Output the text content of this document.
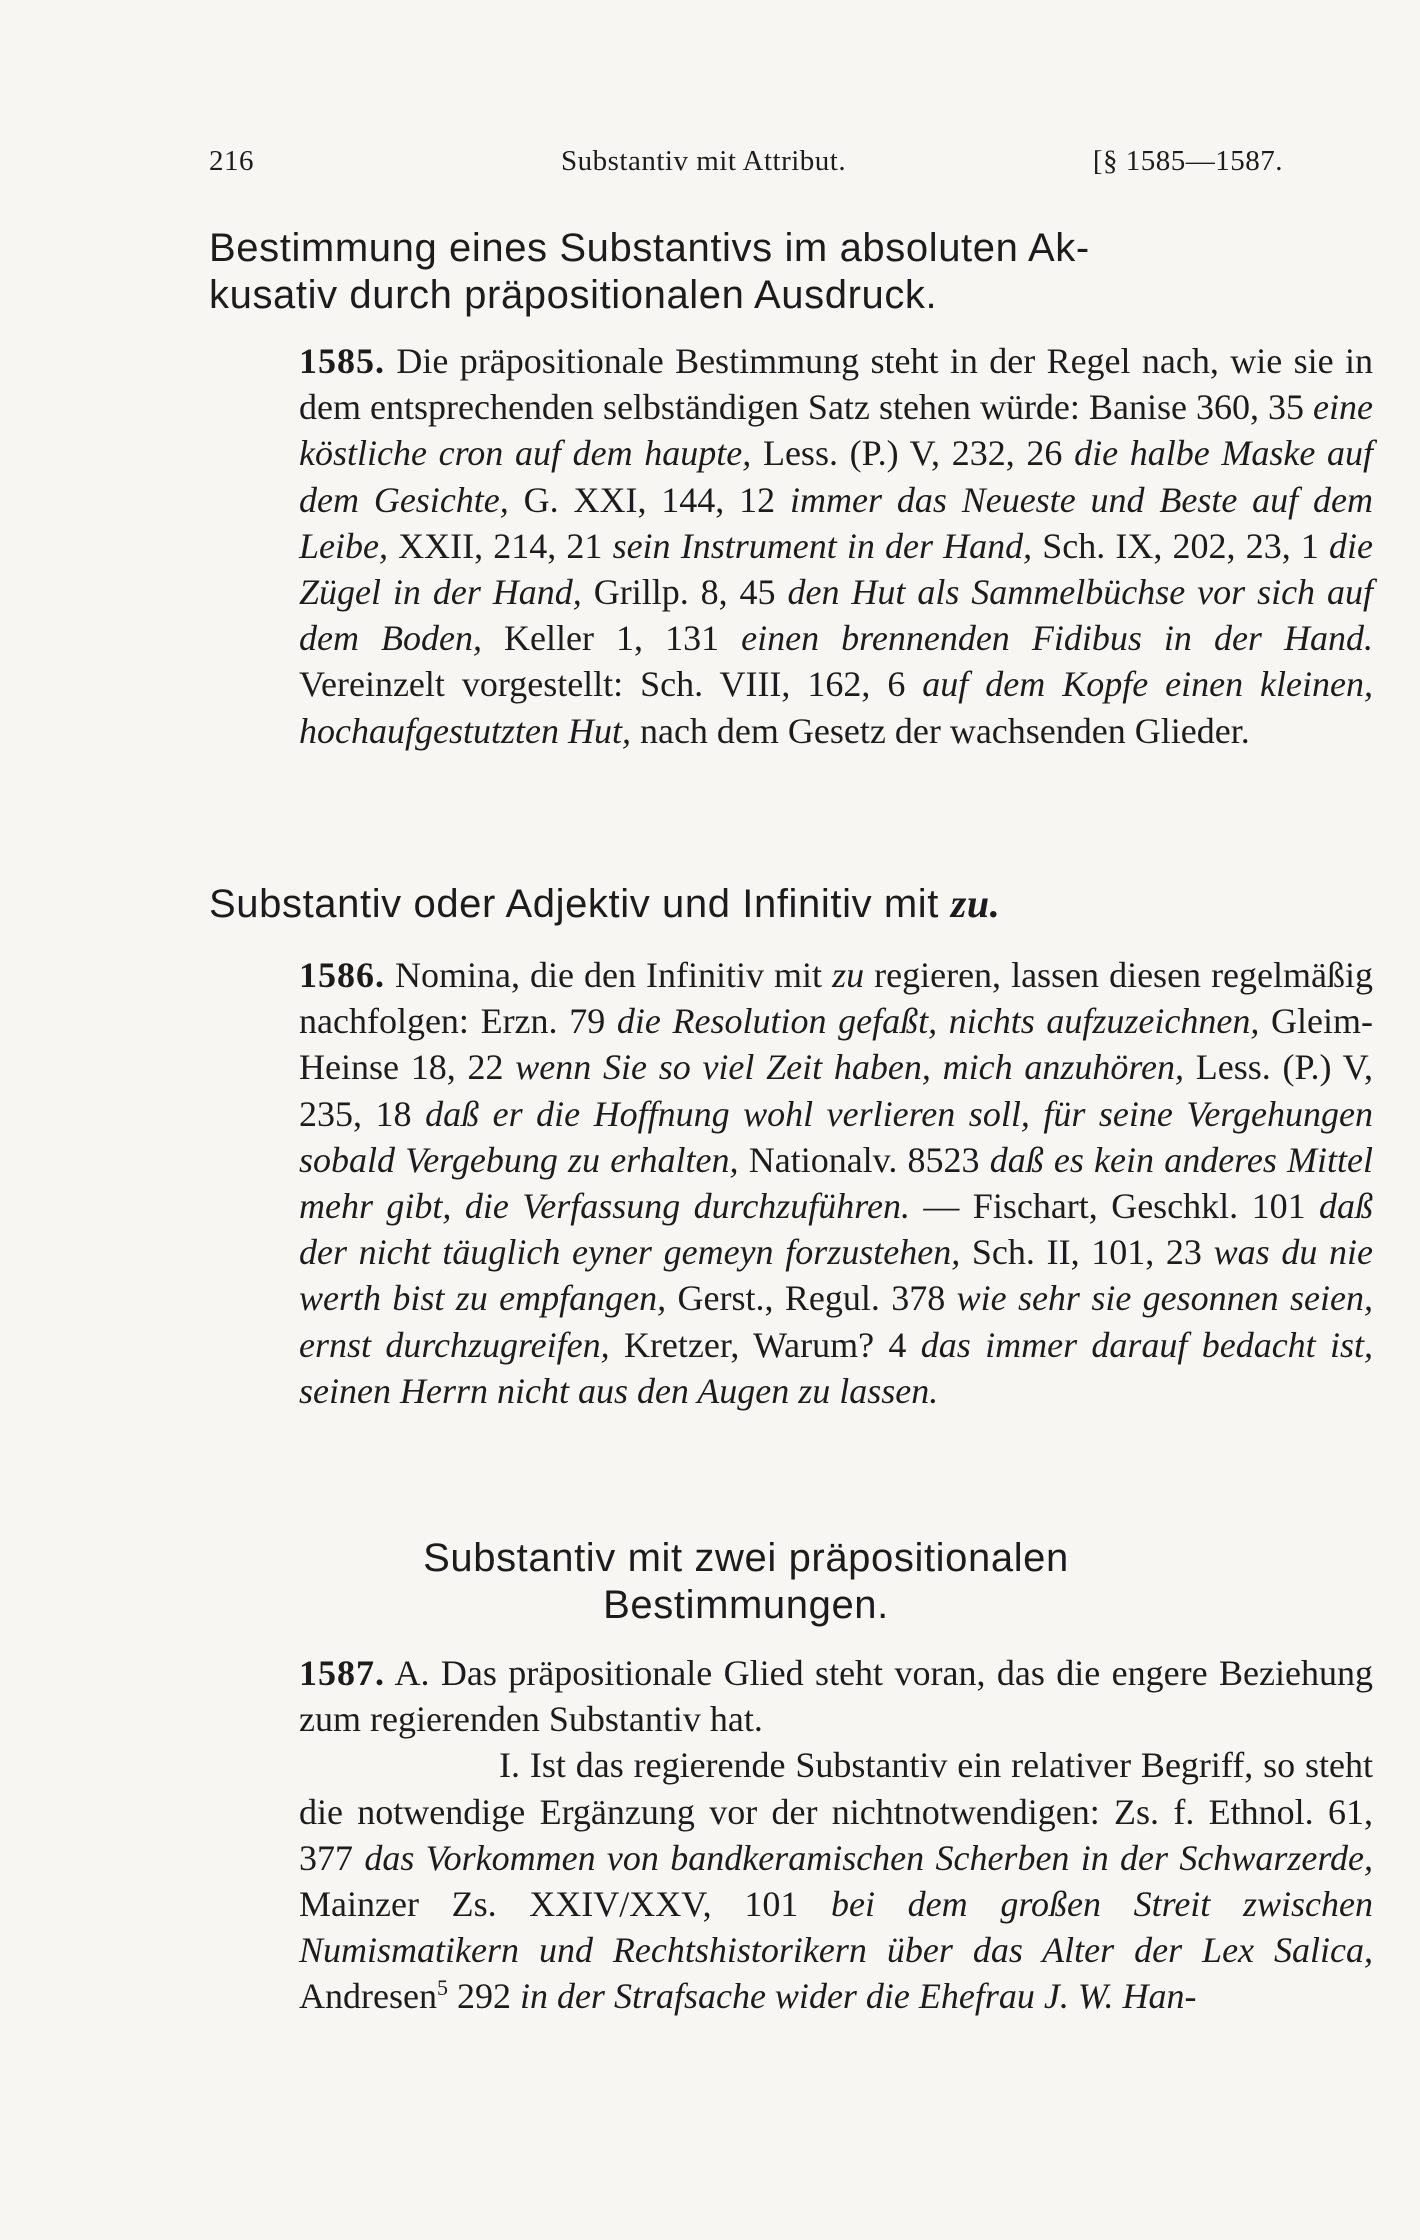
216	Substantiv mit Attribut.	[§ 1585—1587.
Bestimmung eines Substantivs im absoluten Ak-
kusativ durch präpositionalen Ausdruck.

1585. Die präpositionale Bestimmung steht in der Regel nach, wie sie in dem entsprechenden selbständigen Satz stehen würde: Banise 360, 35 eine köstliche cron auf dem haupte, Less. (P.) V, 232, 26 die halbe Maske auf dem Gesichte, G. XXI, 144, 12 immer das Neueste und Beste auf dem Leibe, XXII, 214, 21 sein Instrument in der Hand, Sch. IX, 202, 23, 1 die Zügel in der Hand, Grillp. 8, 45 den Hut als Sammelbüchse vor sich auf dem Boden, Keller 1, 131 einen brennenden Fidibus in der Hand. Vereinzelt vorgestellt: Sch. VIII, 162, 6 auf dem Kopfe einen kleinen, hochaufgestutzten Hut, nach dem Gesetz der wachsenden Glieder.

Substantiv oder Adjektiv und Infinitiv mit zu.

1586. Nomina, die den Infinitiv mit zu regieren, lassen diesen regelmäßig nachfolgen: Erzn. 79 die Resolution gefaßt, nichts aufzuzeichnen, Gleim-Heinse 18, 22 wenn Sie so viel Zeit haben, mich anzuhören, Less. (P.) V, 235, 18 daß er die Hoffnung wohl verlieren soll, für seine Vergehungen sobald Vergebung zu erhalten, Nationalv. 8523 daß es kein anderes Mittel mehr gibt, die Verfassung durchzuführen. — Fischart, Geschkl. 101 daß der nicht täuglich eyner gemeyn forzustehen, Sch. II, 101, 23 was du nie werth bist zu empfangen, Gerst., Regul. 378 wie sehr sie gesonnen seien, ernst durchzugreifen, Kretzer, Warum? 4 das immer darauf bedacht ist, seinen Herrn nicht aus den Augen zu lassen.

Substantiv mit zwei präpositionalen
Bestimmungen.

1587. A. Das präpositionale Glied steht voran, das die engere Beziehung zum regierenden Substantiv hat.
I. Ist das regierende Substantiv ein relativer Begriff, so steht die notwendige Ergänzung vor der nichtnotwendigen: Zs. f. Ethnol. 61, 377 das Vorkommen von bandkeramischen Scherben in der Schwarzerde, Mainzer Zs. XXIV/XXV, 101 bei dem großen Streit zwischen Numismatikern und Rechtshistorikern über das Alter der Lex Salica, Andresen$^5$ 292 in der Strafsache wider die Ehefrau J. W. Han-
